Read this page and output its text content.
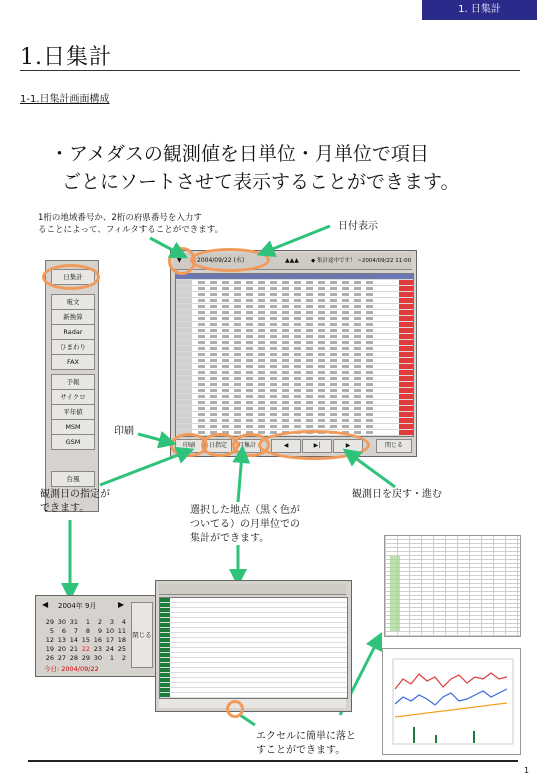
1. 日集計
1.日集計
1-1.日集計画面構成
・アメダスの観測値を日単位・月単位で項目
ごとにソートさせて表示することができます。
1桁の地域番号か、2桁の府県番号を入力す
ることによって、フィルタすることができます。	日付表示
日集計
電文
新換算
Radar
ひまわり
FAX
予報
サイクロ
平年値
MSM
GSM
台風
▼	2004/09/22 (水)	▲▲▲ ◆ 集計途中です！ ~2004/09/22 11:00
印刷	日指定	月集計	◀	▶|	▶	閉じる
印刷
観測日の指定が
できます。	選択した地点（黒く色が
ついてる）の月単位での
集計ができます。
観測日を戻す・進む
エクセルに簡単に落と
すことができます。
◀ 2004年 9月	▶
29 30 31 1 2 3 4
5 6 7 8 9 10 11
12 13 14 15 16 17 18
19 20 21 22 23 24 25
26 27 28 29 30 1 2
今日: 2004/09/22
閉じる
1
